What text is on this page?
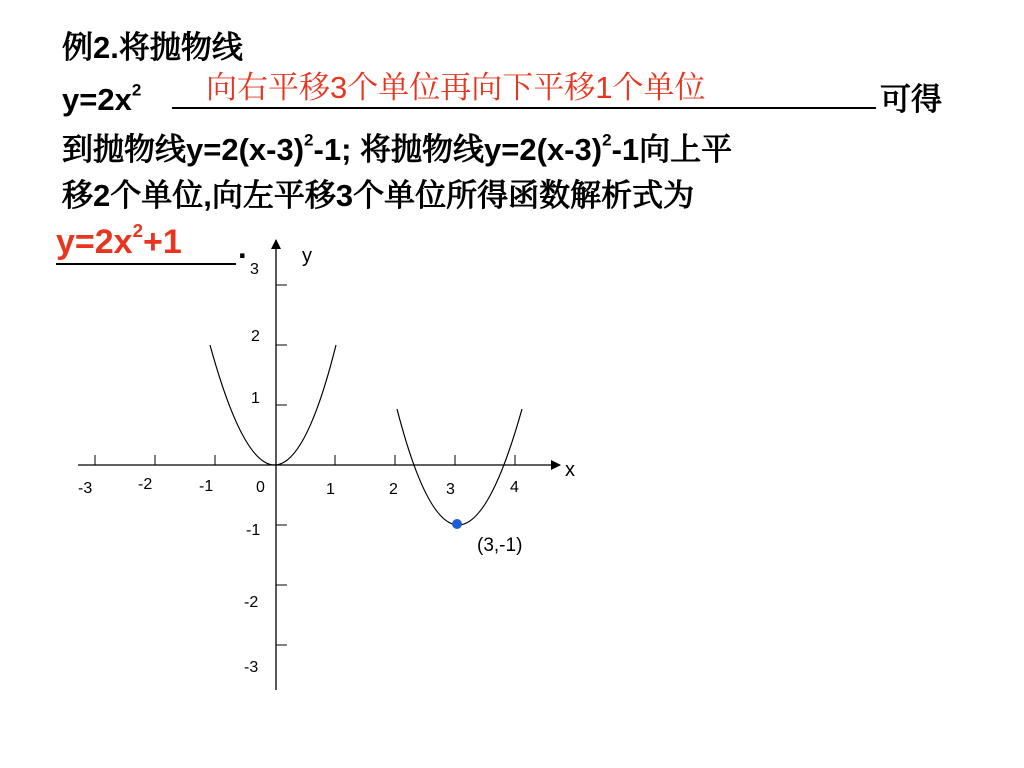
例2.将抛物线
$y=2x^2$ 向右平移3个单位再向下平移1个单位	可得
到抛物线$y=2(x-3)^2-1$; 将抛物线$y=2(x-3)^2-1$向上平
移2个单位,向左平移3个单位所得函数解析式为
$y=2x^2+1$ .
x
y
-3	-2	-1	0	1	2	3	4
3
2
1
-1
-2
-3
(3,-1)
